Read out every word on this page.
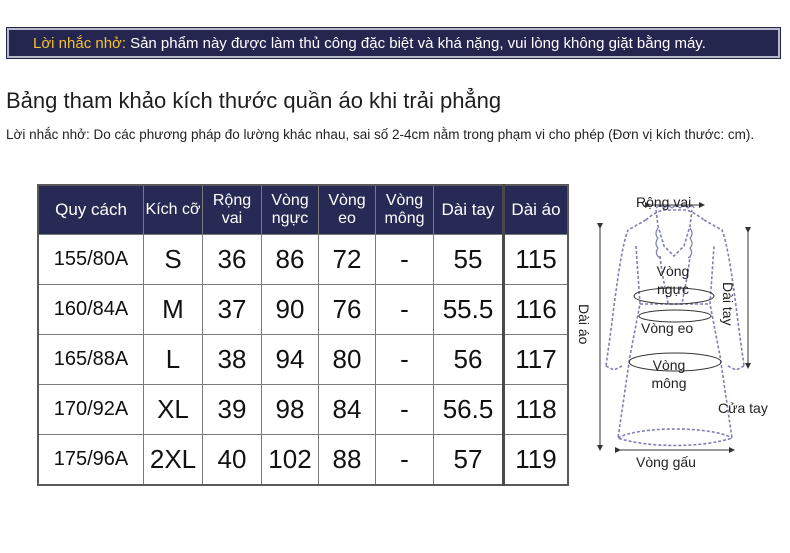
Lời nhắc nhở: Sản phẩm này được làm thủ công đặc biệt và khá nặng, vui lòng không giặt bằng máy.
Bảng tham khảo kích thước quần áo khi trải phẳng
Lời nhắc nhở: Do các phương pháp đo lường khác nhau, sai số 2-4cm nằm trong phạm vi cho phép (Đơn vị kích thước: cm).
Quy cách	Kích cỡ	Rộng vai	Vòng ngực	Vòng eo	Vòng mông	Dài tay	Dài áo
155/80A	S	36	86	72	-	55	115
160/84A	M	37	90	76	-	55.5	116
165/88A	L	38	94	80	-	56	117
170/92A	XL	39	98	84	-	56.5	118
175/96A	2XL	40	102	88	-	57	119
Rộng vai
Vòng ngực
Vòng eo
Vòng mông
Dài áo	Dài tay
Cửa tay
Vòng gấu
